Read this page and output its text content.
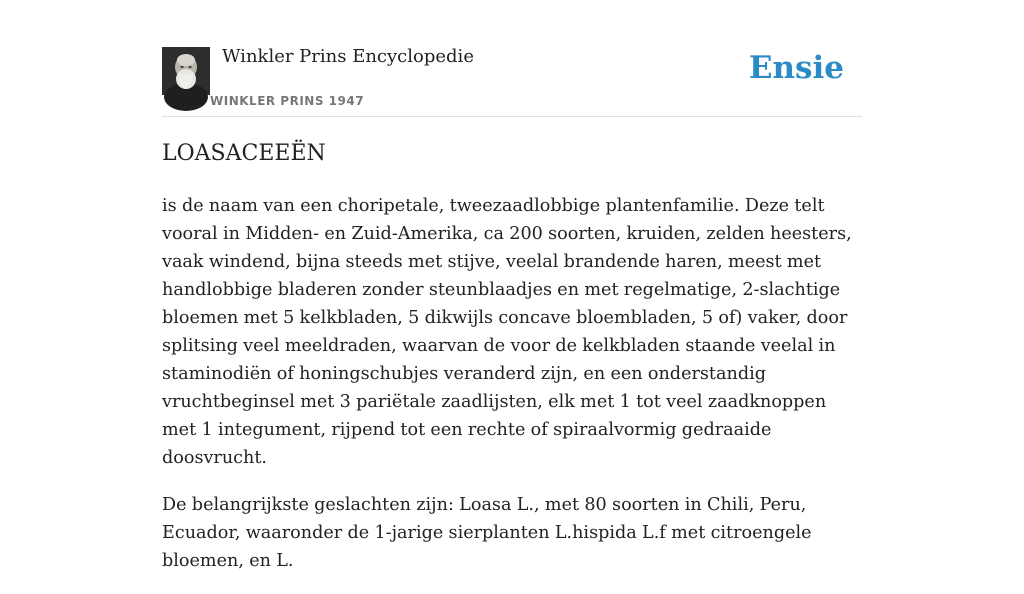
Winkler Prins Encyclopedie
WINKLER PRINS 1947
Ensie
LOASACEEËN

is de naam van een choripetale, tweezaadlobbige plantenfamilie. Deze telt vooral in Midden- en Zuid-Amerika, ca 200 soorten, kruiden, zelden heesters, vaak windend, bijna steeds met stijve, veelal brandende haren, meest met handlobbige bladeren zonder steunblaadjes en met regelmatige, 2-slachtige bloemen met 5 kelkbladen, 5 dikwijls concave bloembladen, 5 of) vaker, door splitsing veel meeldraden, waarvan de voor de kelkbladen staande veelal in staminodiën of honingschubjes veranderd zijn, en een onderstandig vruchtbeginsel met 3 pariëtale zaadlijsten, elk met 1 tot veel zaadknoppen met 1 integument, rijpend tot een rechte of spiraalvormig gedraaide doosvrucht.

De belangrijkste geslachten zijn: Loasa L., met 80 soorten in Chili, Peru, Ecuador, waaronder de 1-jarige sierplanten L.hispida L.f met citroengele bloemen, en L.
